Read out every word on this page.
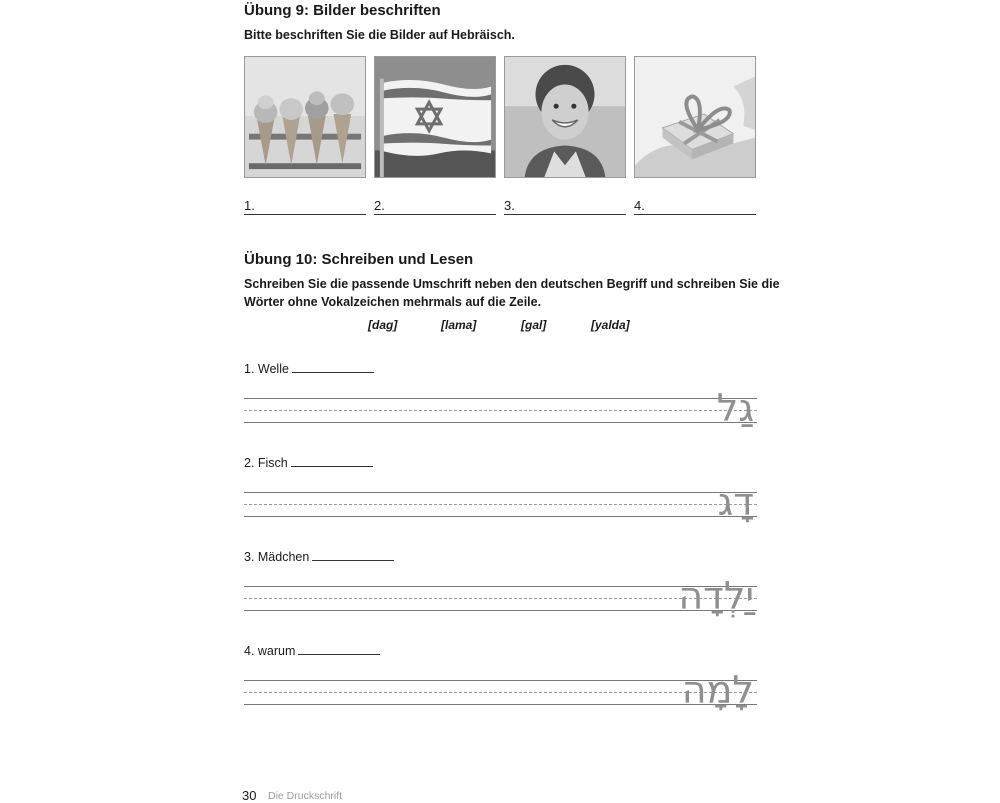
Übung 9: Bilder beschriften
Bitte beschriften Sie die Bilder auf Hebräisch.
1.	2.	3.	4.
Übung 10: Schreiben und Lesen
Schreiben Sie die passende Umschrift neben den deutschen Begriff und schreiben Sie die
Wörter ohne Vokalzeichen mehrmals auf die Zeile.
[dag]	[lama]	[gal]	[yalda]
1. Welle
גַל
2. Fisch
דָג
3. Mädchen
יַלְדָה
4. warum
לָמָה
30 Die Druckschrift
